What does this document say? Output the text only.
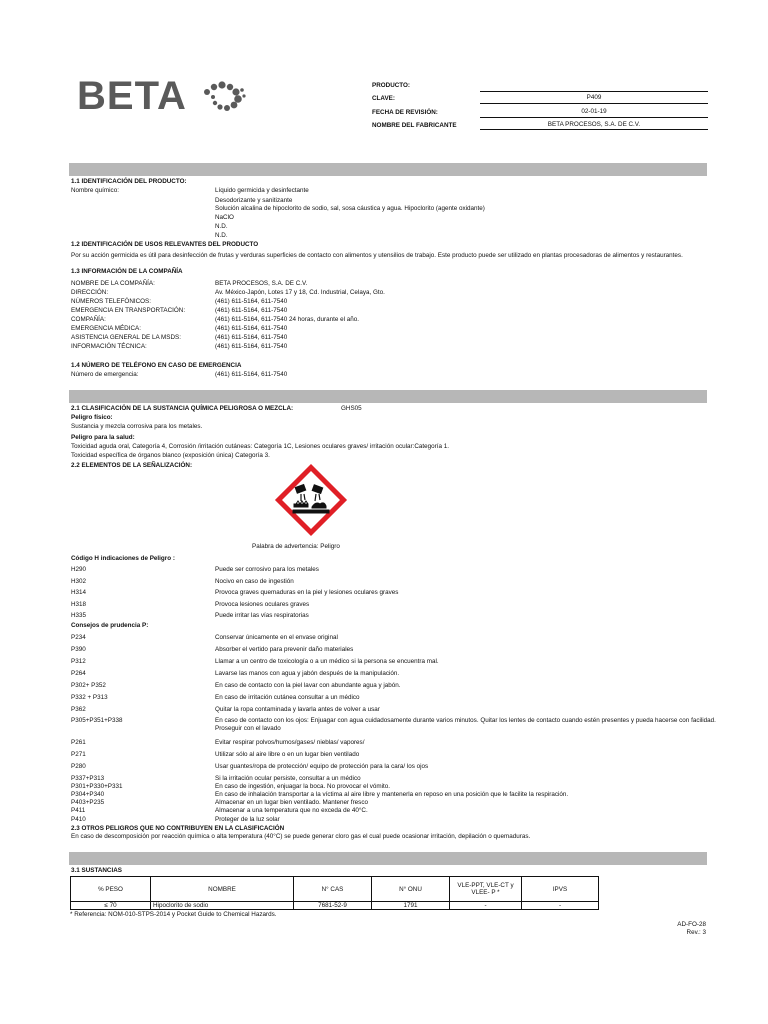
BETA	PRODUCTO:
CLAVE:	P409
FECHA DE REVISIÓN:	02-01-19
NOMBRE DEL FABRICANTE	BETA PROCESOS, S.A. DE C.V.
1.1 IDENTIFICACIÓN DEL PRODUCTO:
Nombre químico:	Líquido germicida y desinfectante
Desodorizante y sanitizante
Solución alcalina de hipoclorito de sodio, sal, sosa cáustica y agua. Hipoclorito (agente oxidante)
NaClO
N.D.
N.D.
1.2 IDENTIFICACIÓN DE USOS RELEVANTES DEL PRODUCTO
Por su acción germicida es útil para desinfección de frutas y verduras superficies de contacto con alimentos y utensilios de trabajo. Este producto puede ser utilizado en plantas procesadoras de alimentos y restaurantes.
1.3 INFORMACIÓN DE LA COMPAÑÍA
NOMBRE DE LA COMPAÑÍA:	BETA PROCESOS, S.A. DE C.V.
DIRECCIÓN:	Av. México-Japón, Lotes 17 y 18, Cd. Industrial, Celaya, Gto.
NÚMEROS TELEFÓNICOS:	(461) 611-5164, 611-7540
EMERGENCIA EN TRANSPORTACIÓN:	(461) 611-5164, 611-7540
COMPAÑÍA:	(461) 611-5164, 611-7540 24 horas, durante el año.
EMERGENCIA MÉDICA:	(461) 611-5164, 611-7540
ASISTENCIA GENERAL DE LA MSDS:	(461) 611-5164, 611-7540
INFORMACIÓN TÉCNICA:	(461) 611-5164, 611-7540
1.4 NÚMERO DE TELÉFONO EN CASO DE EMERGENCIA
Número de emergencia:	(461) 611-5164, 611-7540
2.1 CLASIFICACIÓN DE LA SUSTANCIA QUÍMICA PELIGROSA O MEZCLA:	GHS05
Peligro físico:
Sustancia y mezcla corrosiva para los metales.
Peligro para la salud:
Toxicidad aguda oral, Categoría 4, Corrosión /irritación cutáneas: Categoría 1C, Lesiones oculares graves/ irritación ocular:Categoría 1.
Toxicidad específica de órganos blanco (exposición única) Categoría 3.
2.2 ELEMENTOS DE LA SEÑALIZACIÓN:
Palabra de advertencia: Peligro
Código H indicaciones de Peligro :
H290	Puede ser corrosivo para los metales
H302	Nocivo en caso de ingestión
H314	Provoca graves quemaduras en la piel y lesiones oculares graves
H318	Provoca lesiones oculares graves
H335	Puede irritar las vías respiratorias
Consejos de prudencia P:
P234	Conservar únicamente en el envase original
P390	Absorber el vertido para prevenir daño materiales
P312	Llamar a un centro de toxicología o a un médico si la persona se encuentra mal.
P264	Lavarse las manos con agua y jabón después de la manipulación.
P302+ P352	En caso de contacto con la piel lavar con abundante agua y jabón.
P332 + P313	En caso de irritación cutánea consultar a un médico
P362	Quitar la ropa contaminada y lavarla antes de volver a usar
P305+P351+P338	En caso de contacto con los ojos: Enjuagar con agua cuidadosamente durante varios minutos. Quitar los lentes de contacto cuando estén presentes y pueda hacerse con facilidad.
Proseguir con el lavado
P261	Evitar respirar polvos/humos/gases/ nieblas/ vapores/
P271	Utilizar sólo al aire libre o en un lugar bien ventilado
P280	Usar guantes/ropa de protección/ equipo de protección para la cara/ los ojos
P337+P313	Si la irritación ocular persiste, consultar a un médico
P301+P330+P331	En caso de ingestión, enjuagar la boca. No provocar el vómito.
P304+P340	En caso de inhalación transportar a la víctima al aire libre y mantenerla en reposo en una posición que le facilite la respiración.
P403+P235	Almacenar en un lugar bien ventilado. Mantener fresco
P411	Almacenar a una temperatura que no exceda de 40°C.
P410	Proteger de la luz solar
2.3 OTROS PELIGROS QUE NO CONTRIBUYEN EN LA CLASIFICACIÓN
En caso de descomposición por reacción química o alta temperatura (40°C) se puede generar cloro gas el cual puede ocasionar irritación, depilación o quemaduras.
3.1 SUSTANCIAS
% PESO	NOMBRE	N° CAS	N° ONU	VLE-PPT, VLE-CT y VLEE- P *	IPVS
≤ 70	Hipoclorito de sodio	7681-52-9	1791	-	-
* Referencia: NOM-010-STPS-2014 y Pocket Guide to Chemical Hazards.
AD-FO-28
Rev.: 3
